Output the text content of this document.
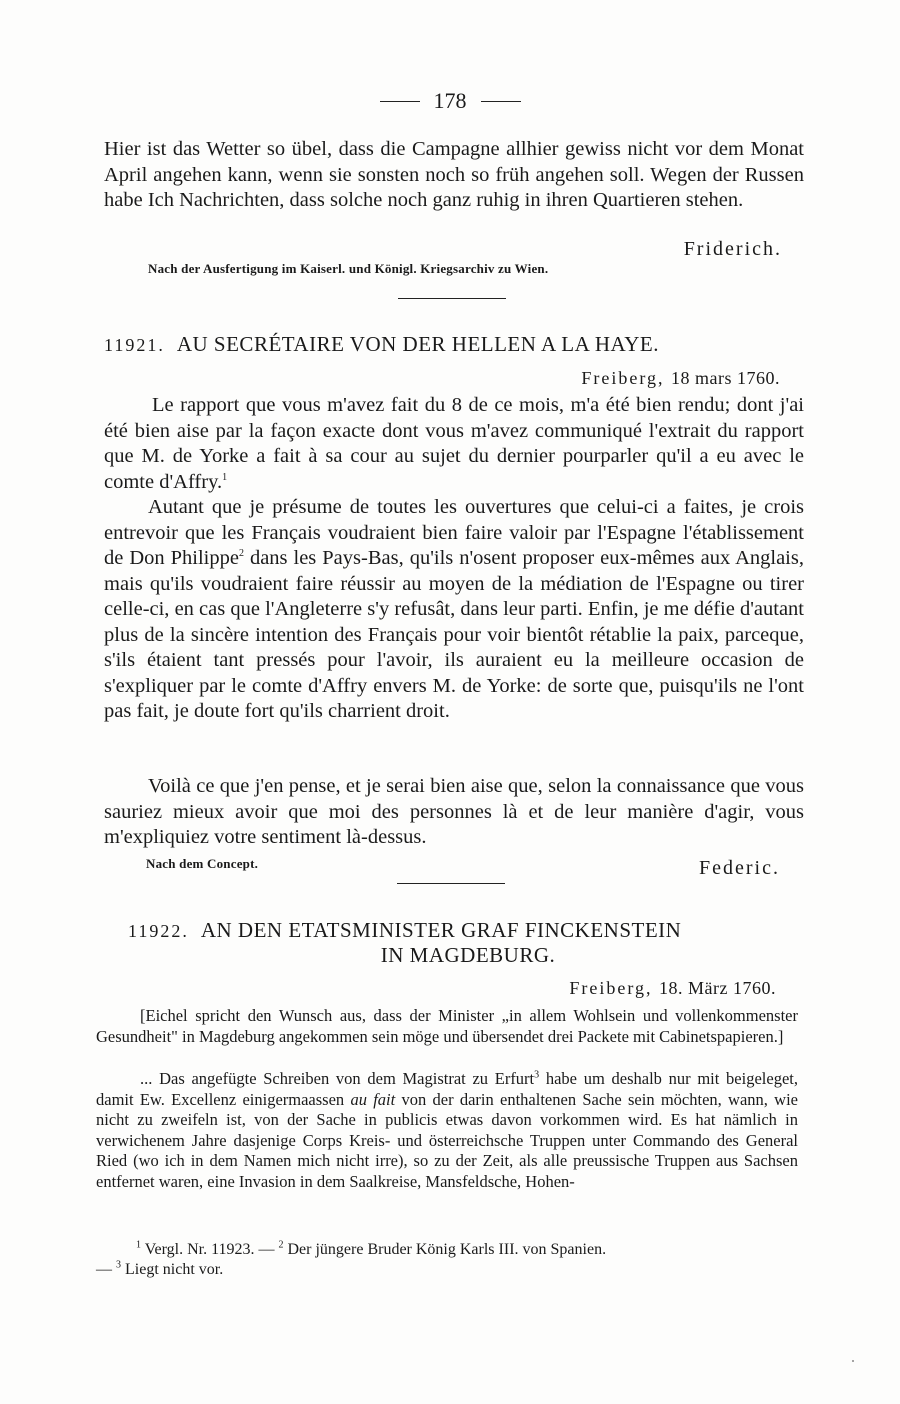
178
Hier ist das Wetter so übel, dass die Campagne allhier gewiss nicht vor dem Monat April angehen kann, wenn sie sonsten noch so früh angehen soll. Wegen der Russen habe Ich Nachrichten, dass solche noch ganz ruhig in ihren Quartieren stehen.
Friderich.
Nach der Ausfertigung im Kaiserl. und Königl. Kriegsarchiv zu Wien.
11921. AU SECRÉTAIRE VON DER HELLEN A LA HAYE.
Freiberg, 18 mars 1760.
Le rapport que vous m'avez fait du 8 de ce mois, m'a été bien rendu; dont j'ai été bien aise par la façon exacte dont vous m'avez communiqué l'extrait du rapport que M. de Yorke a fait à sa cour au sujet du dernier pourparler qu'il a eu avec le comte d'Affry.$^1$
Autant que je présume de toutes les ouvertures que celui-ci a faites, je crois entrevoir que les Français voudraient bien faire valoir par l'Espagne l'établissement de Don Philippe$^2$ dans les Pays-Bas, qu'ils n'osent proposer eux-mêmes aux Anglais, mais qu'ils voudraient faire réussir au moyen de la médiation de l'Espagne ou tirer celle-ci, en cas que l'Angleterre s'y refusât, dans leur parti. Enfin, je me défie d'autant plus de la sincère intention des Français pour voir bientôt rétablie la paix, parceque, s'ils étaient tant pressés pour l'avoir, ils auraient eu la meilleure occasion de s'expliquer par le comte d'Affry envers M. de Yorke: de sorte que, puisqu'ils ne l'ont pas fait, je doute fort qu'ils charrient droit.
Voilà ce que j'en pense, et je serai bien aise que, selon la connaissance que vous sauriez mieux avoir que moi des personnes là et de leur manière d'agir, vous m'expliquiez votre sentiment là-dessus.
Nach dem Concept.	Federic.
11922. AN DEN ETATSMINISTER GRAF FINCKENSTEIN
IN MAGDEBURG.
Freiberg, 18. März 1760.
[Eichel spricht den Wunsch aus, dass der Minister „in allem Wohlsein und vollenkommenster Gesundheit" in Magdeburg angekommen sein möge und übersendet drei Packete mit Cabinetspapieren.]
... Das angefügte Schreiben von dem Magistrat zu Erfurt$^3$ habe um deshalb nur mit beigeleget, damit Ew. Excellenz einigermaassen au fait von der darin enthaltenen Sache sein möchten, wann, wie nicht zu zweifeln ist, von der Sache in publicis etwas davon vorkommen wird. Es hat nämlich in verwichenem Jahre dasjenige Corps Kreis- und österreichsche Truppen unter Commando des General Ried (wo ich in dem Namen mich nicht irre), so zu der Zeit, als alle preussische Truppen aus Sachsen entfernet waren, eine Invasion in dem Saalkreise, Mansfeldsche, Hohen-
$^1$ Vergl. Nr. 11923. — $^2$ Der jüngere Bruder König Karls III. von Spanien.
— $^3$ Liegt nicht vor.
